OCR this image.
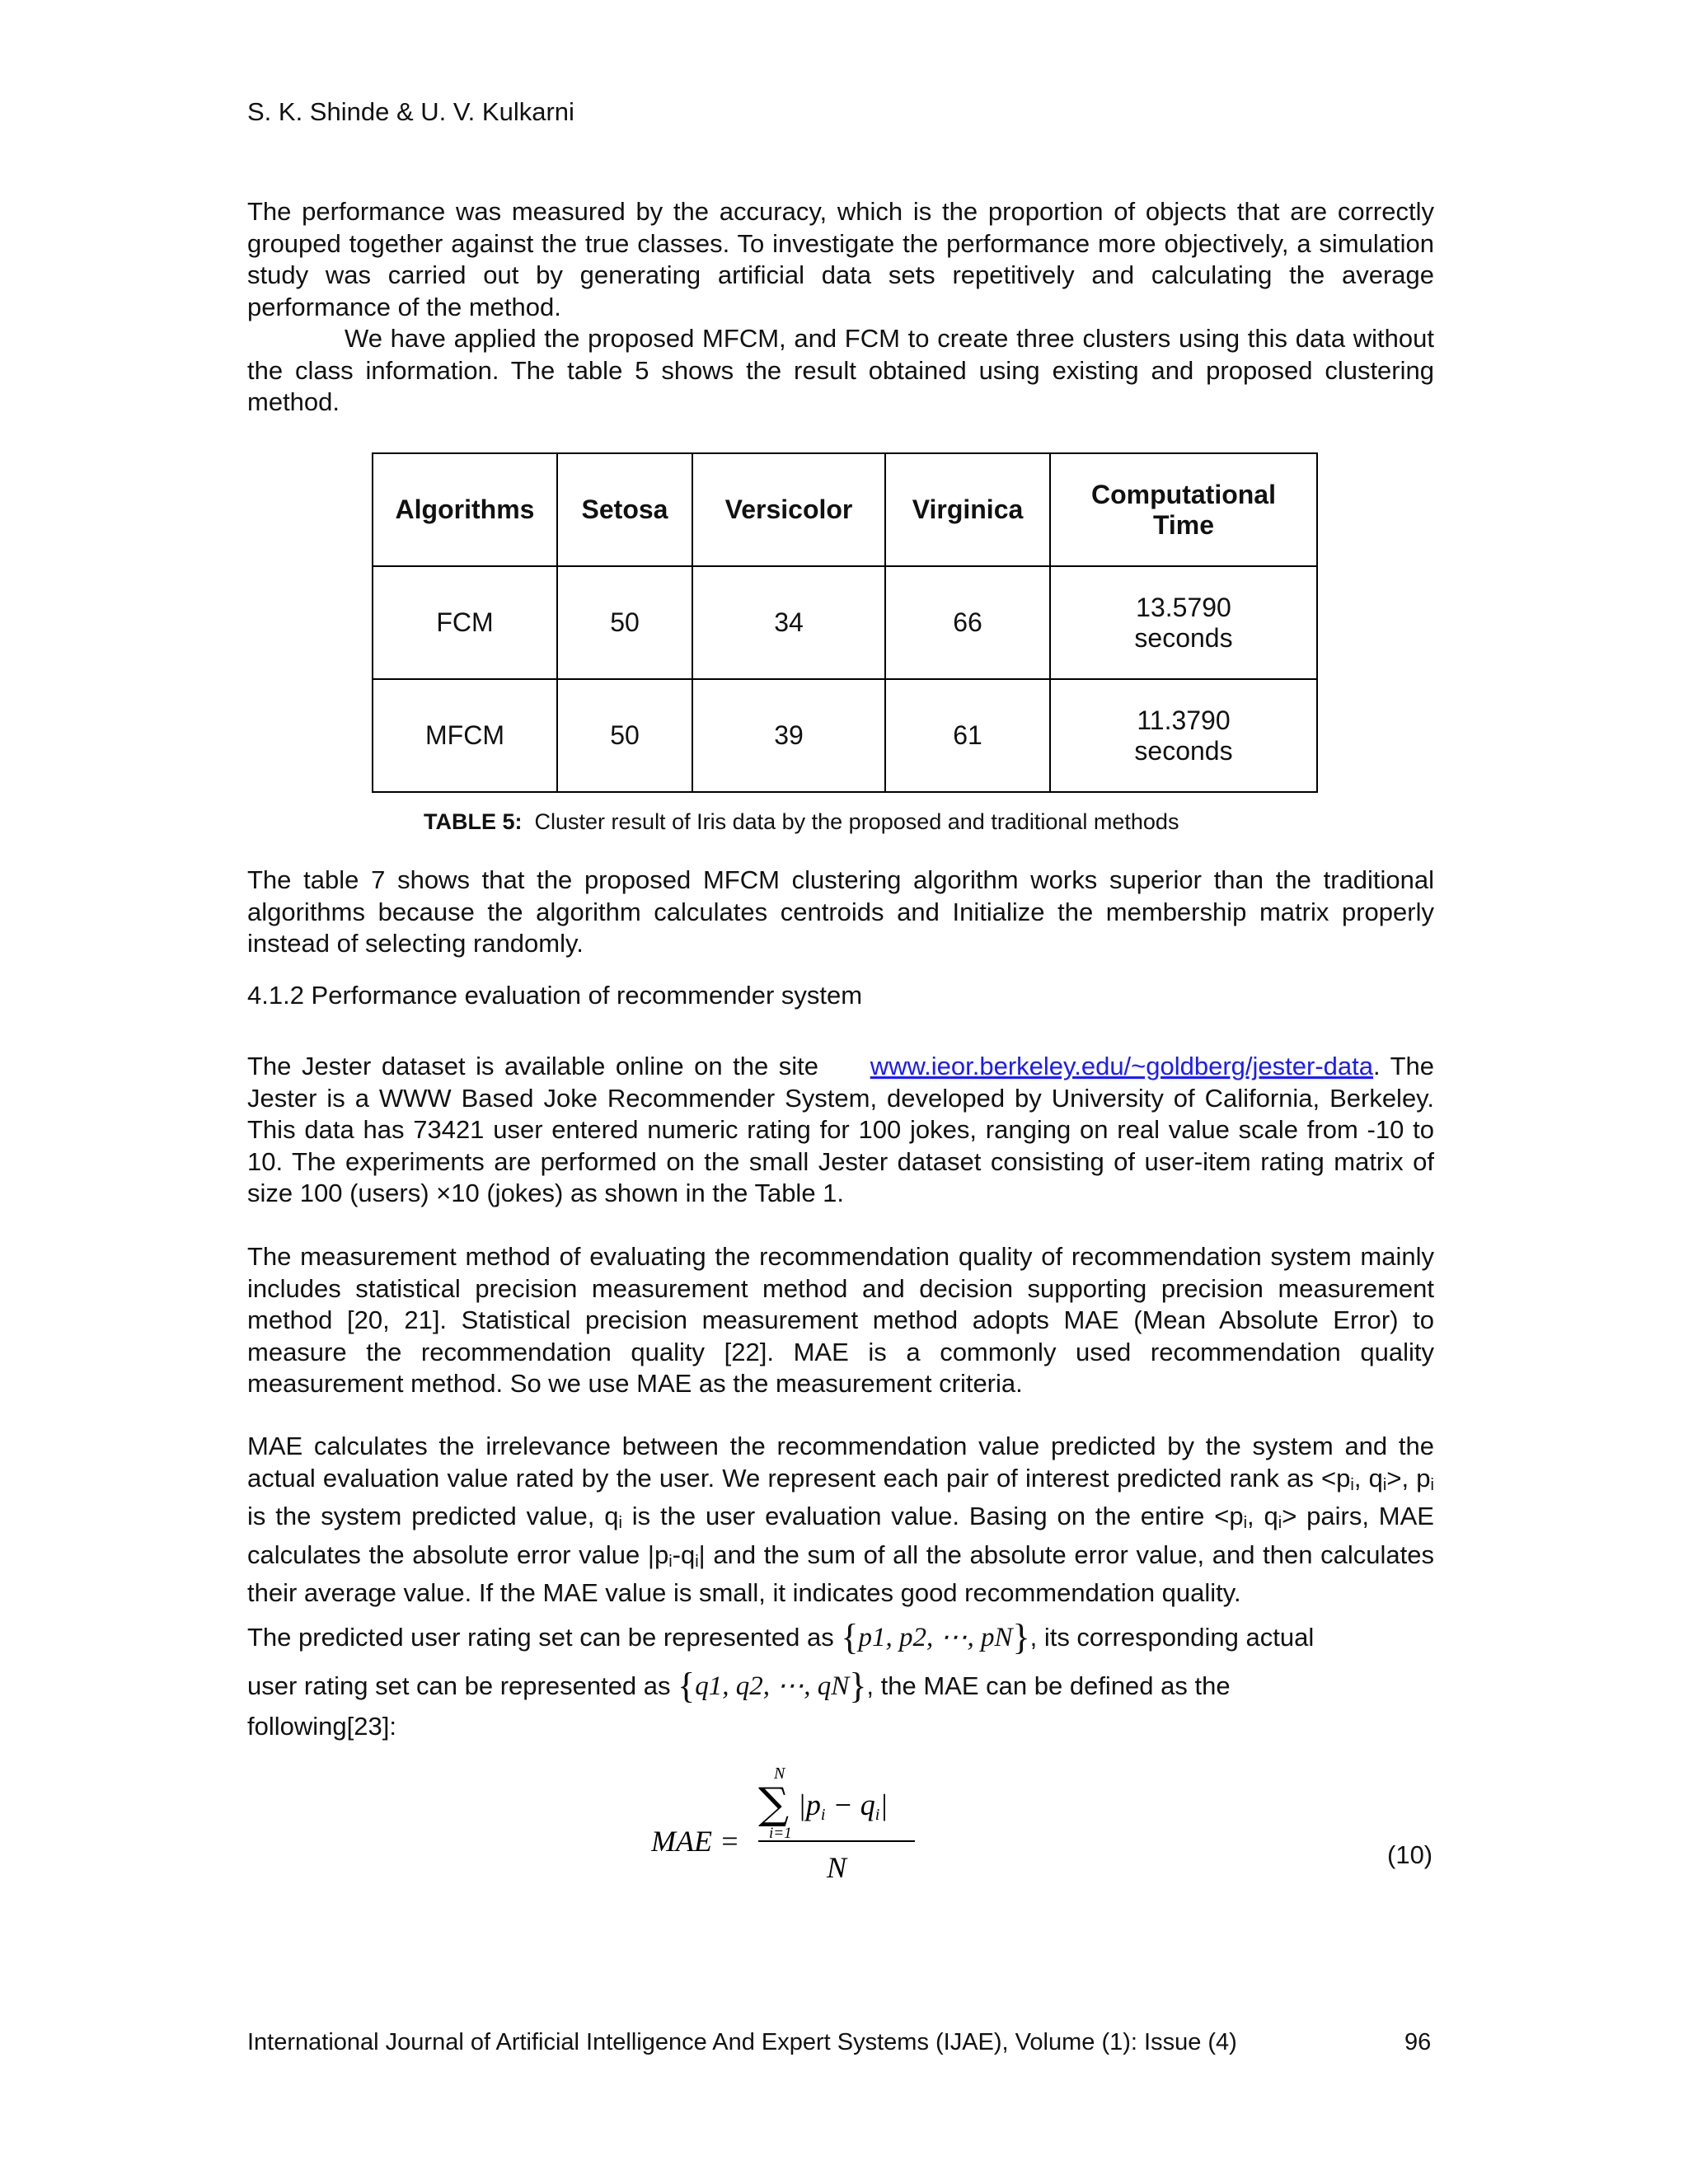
S. K. Shinde & U. V. Kulkarni

The performance was measured by the accuracy, which is the proportion of objects that are correctly grouped together against the true classes. To investigate the performance more objectively, a simulation study was carried out by generating artificial data sets repetitively and calculating the average performance of the method.

We have applied the proposed MFCM, and FCM to create three clusters using this data without the class information. The table 5 shows the result obtained using existing and proposed clustering method.

Algorithms	Setosa	Versicolor	Virginica	Computational
Time
FCM	50	34	66	13.5790
seconds
MFCM	50	39	61	11.3790
seconds
TABLE 5: Cluster result of Iris data by the proposed and traditional methods

The table 7 shows that the proposed MFCM clustering algorithm works superior than the traditional algorithms because the algorithm calculates centroids and Initialize the membership matrix properly instead of selecting randomly.

4.1.2 Performance evaluation of recommender system

The Jester dataset is available online on the site www.ieor.berkeley.edu/~goldberg/jester-data. The Jester is a WWW Based Joke Recommender System, developed by University of California, Berkeley. This data has 73421 user entered numeric rating for 100 jokes, ranging on real value scale from -10 to 10. The experiments are performed on the small Jester dataset consisting of user-item rating matrix of size 100 (users) ×10 (jokes) as shown in the Table 1.

The measurement method of evaluating the recommendation quality of recommendation system mainly includes statistical precision measurement method and decision supporting precision measurement method [20, 21]. Statistical precision measurement method adopts MAE (Mean Absolute Error) to measure the recommendation quality [22]. MAE is a commonly used recommendation quality measurement method. So we use MAE as the measurement criteria.

MAE calculates the irrelevance between the recommendation value predicted by the system and the actual evaluation value rated by the user. We represent each pair of interest predicted rank as $<p_i$, $q_i>$, $p_i$ is the system predicted value, $q_i$ is the user evaluation value. Basing on the entire $<p_i$, $q_i>$ pairs, MAE calculates the absolute error value $|p_i-q_i|$ and the sum of all the absolute error value, and then calculates their average value. If the MAE value is small, it indicates good recommendation quality.

The predicted user rating set can be represented as {p1, p2, ⋯, pN}, its corresponding actual

user rating set can be represented as {q1, q2, ⋯, qN}, the MAE can be defined as the

following[23]:

MAE =
N
∑
i=1
|pi − qi|
N	(10)
International Journal of Artificial Intelligence And Expert Systems (IJAE), Volume (1): Issue (4)	96
